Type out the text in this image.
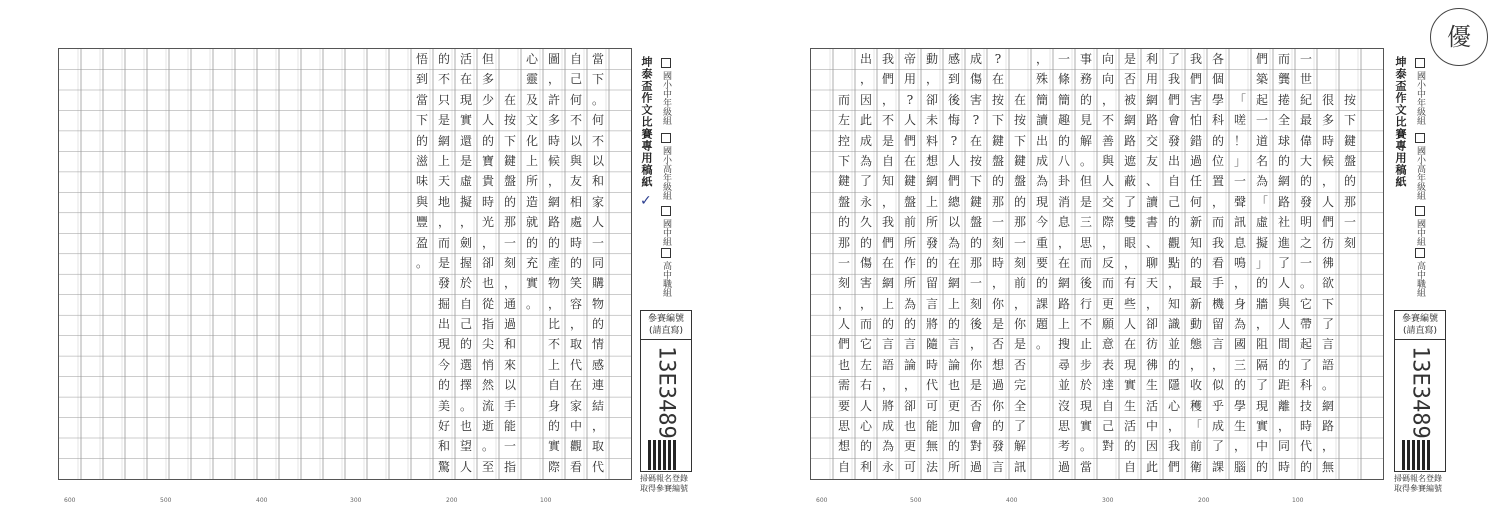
當
下
。
何
不
以
和
家
人
一
同
購
物
的
情
感
連
結
，
取
代
自
己
何
不
以
與
友
相
處
時
的
笑
容
，
取
代
在
家
中
觀
看
圖
，
許
多
時
候
，
網
路
的
產
物
，
比
不
上
自
身
的
實
際
心
靈
及
文
化
上
所
造
就
的
充
實
。
在
按
下
鍵
盤
的
那
一
刻
，
通
過
和
來
以
手
能
一
指
但
多
少
人
的
寶
貴
時
光
，
卻
也
從
指
尖
悄
然
流
逝
。
至
活
在
現
實
還
是
虛
擬
，
劍
握
於
自
己
的
選
擇
。
也
望
人
的
不
只
是
網
上
天
地
，
而
是
發
掘
出
現
今
的
美
好
和
驚
悟
到
當
下
的
滋
味
與
豐
盈
。
坤泰盃作文比賽專用稿紙 國小中年級組
國小高年級組
國中組
高中職組
✓
參賽編號
(請直寫)
13E3489
掃碼報名登錄
取得參賽編號
600	500	400	300	200	100
按
下
鍵
盤
的
那
一
刻
很
多
時
候
，
人
們
彷
彿
欲
下
了
言
語
。
網
路
，
無
一
世
紀
最
偉
大
的
發
明
之
一
。
它
帶
起
了
科
技
時
代
的
而
龔
捲
全
球
的
網
路
社
進
了
人
與
人
間
的
距
離
，
同
時
們
築
起
一
道
名
為
「
虛
擬
」
的
牆
，
阻
隔
了
現
實
中
的
「
嗟
！
」
一
聲
訊
息
鳴
，
身
為
國
三
的
學
生
，
腦
各
個
學
科
的
位
置
，
而
我
看
手
機
留
言
，
似
乎
成
了
課
我
們
害
怕
錯
過
任
何
新
知
的
最
新
動
態
，
收
穫
「
前
衛
了
我
們
會
發
出
自
己
的
觀
點
，
知
識
並
的
隱
心
，
我
們
利
用
網
路
交
友
、
讀
書
、
聊
天
，
卻
彷
彿
生
活
中
因
此
是
否
被
網
路
遮
蔽
了
雙
眼
，
有
些
人
在
現
實
生
活
的
自
向
向
，
不
善
與
人
交
際
，
反
而
更
願
意
表
達
自
己
對
事
務
的
見
解
。
但
是
三
思
而
後
行
不
止
步
於
現
實
。
當
一
條
簡
趣
的
八
卦
消
息
，
在
網
路
上
搜
尋
並
沒
思
考
過
，
殊
簡
讀
出
成
為
現
今
重
要
的
課
題
。
在
按
下
鍵
盤
的
那
一
刻
前
，
你
是
否
完
全
了
解
訊
?
在
按
下
鍵
盤
的
那
一
刻
時
，
你
是
否
想
過
你
的
發
言
成
傷
害
?
在
按
下
鍵
盤
的
那
一
刻
後
，
你
是
否
會
對
過
感
到
後
悔
?
人
們
總
以
為
在
網
上
的
言
論
也
更
加
的
所
動
，
卻
未
料
想
網
上
所
發
的
留
言
將
隨
時
代
可
能
無
法
帝
用
?
人
們
在
鍵
盤
前
所
作
所
為
的
言
論
，
卻
也
更
可
我
們
，
不
是
自
知
，
我
們
在
網
上
的
言
語
，
將
成
為
永
出
，
因
此
成
為
了
永
久
的
傷
害
，
而
它
左
右
人
心
的
利
而
左
控
下
鍵
盤
的
那
一
刻
，
人
們
也
需
要
思
想
自
坤泰盃作文比賽專用稿紙 國小中年級組
國小高年級組
國中組
高中職組
參賽編號
(請直寫)
13E3489
優
掃碼報名登錄
取得參賽編號
600	500	400	300	200	100
